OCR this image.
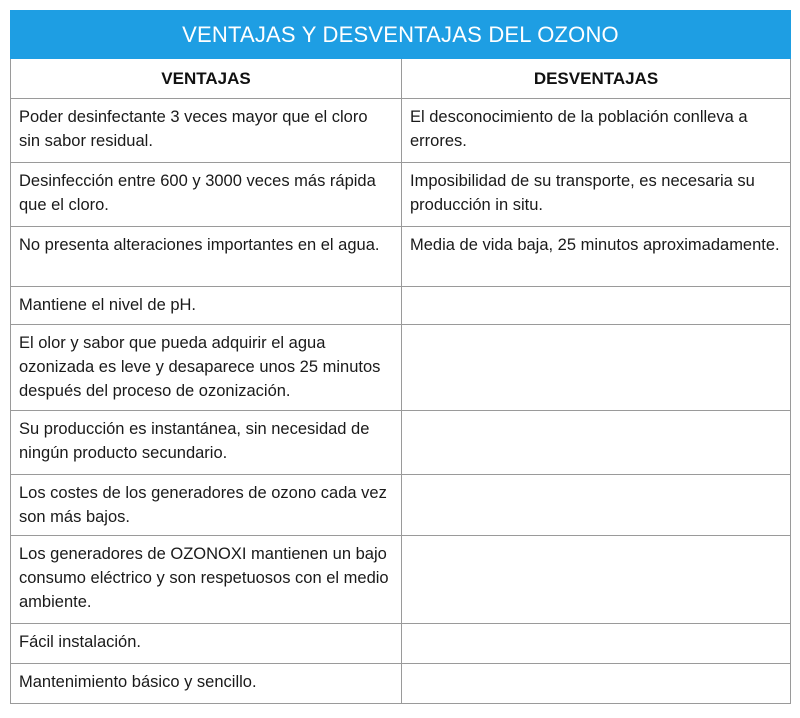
VENTAJAS Y DESVENTAJAS DEL OZONO	
VENTAJAS	DESVENTAJAS
Poder desinfectante 3 veces mayor que el cloro sin sabor residual.	El desconocimiento de la población conlleva a errores.
Desinfección entre 600 y 3000 veces más rápida que el cloro.	Imposibilidad de su transporte, es necesaria su producción in situ.
No presenta alteraciones importantes en el agua.	Media de vida baja, 25 minutos aproximadamente.
Mantiene el nivel de pH.	
El olor y sabor que pueda adquirir el agua ozonizada es leve y desaparece unos 25 minutos después del proceso de ozonización.	
Su producción es instantánea, sin necesidad de ningún producto secundario.	
Los costes de los generadores de ozono cada vez son más bajos.	
Los generadores de OZONOXI mantienen un bajo consumo eléctrico y son respetuosos con el medio ambiente.	
Fácil instalación.	
Mantenimiento básico y sencillo.	
